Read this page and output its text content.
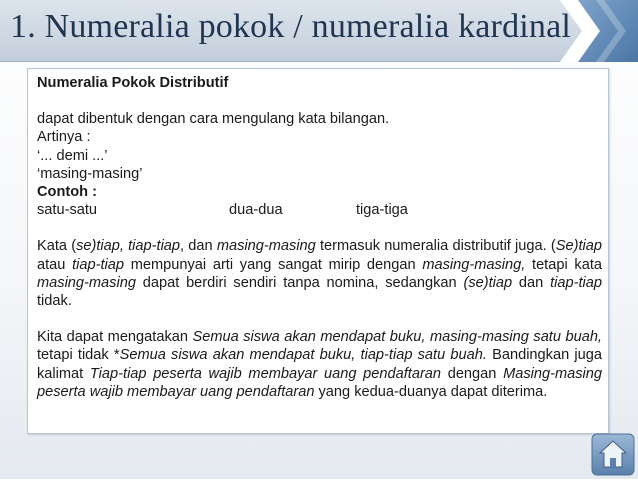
1. Numeralia pokok / numeralia kardinal

Numeralia Pokok Distributif

dapat dibentuk dengan cara mengulang kata bilangan.

Artinya :

‘... demi ...’

‘masing-masing’

Contoh :

satu-satu	dua-dua	tiga-tiga

Kata (se)tiap, tiap-tiap, dan masing-masing termasuk numeralia distributif juga. (Se)tiap atau tiap-tiap mempunyai arti yang sangat mirip dengan masing-masing, tetapi kata masing-masing dapat berdiri sendiri tanpa nomina, sedangkan (se)tiap dan tiap-tiap tidak.

Kita dapat mengatakan Semua siswa akan mendapat buku, masing-masing satu buah, tetapi tidak *Semua siswa akan mendapat buku, tiap-tiap satu buah. Bandingkan juga kalimat Tiap-tiap peserta wajib membayar uang pendaftaran dengan Masing-masing peserta wajib membayar uang pendaftaran yang kedua-duanya dapat diterima.
